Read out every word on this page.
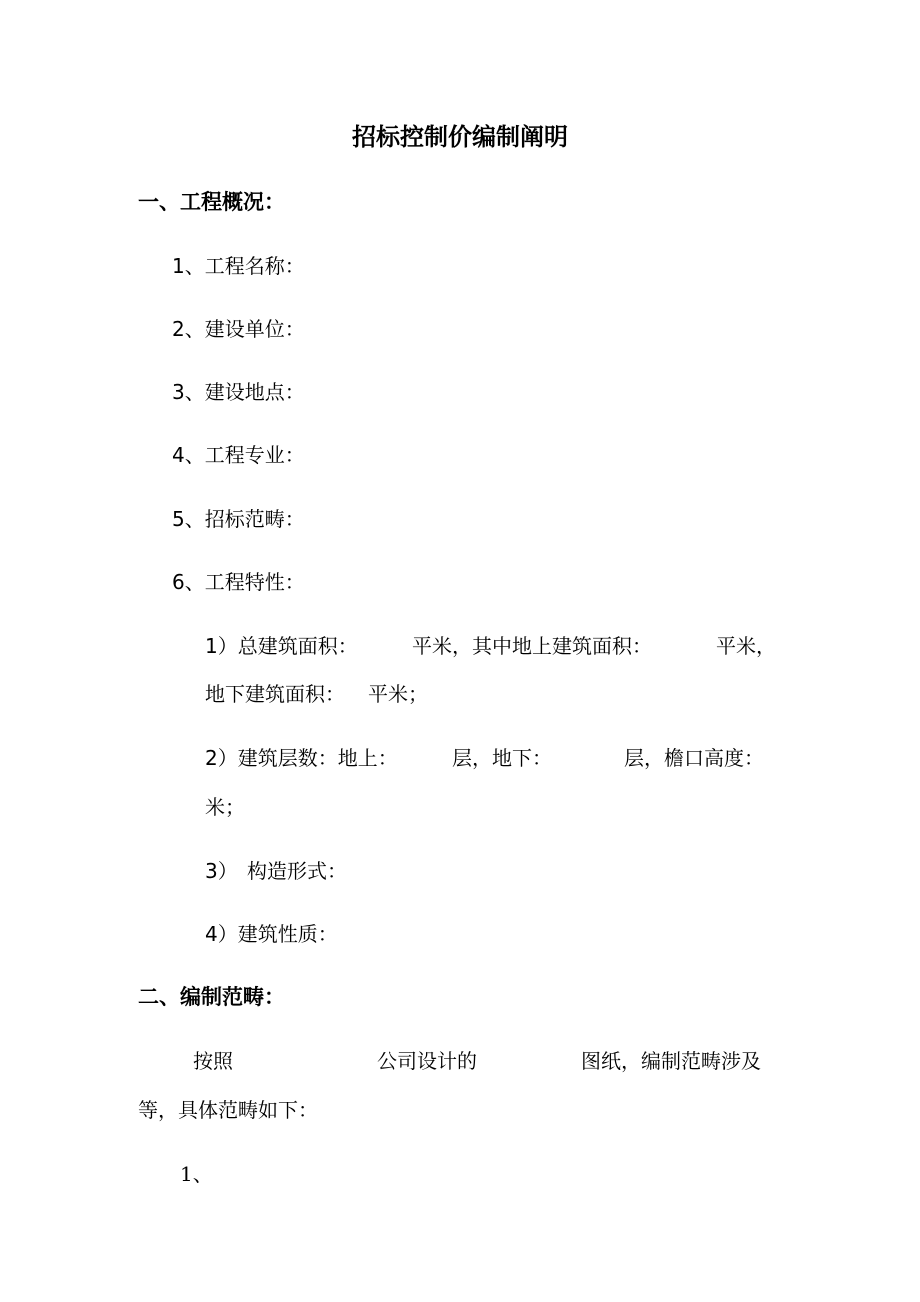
招标控制价编制阐明
一、工程概况：
1、工程名称：
2、建设单位：
3、建设地点：
4、工程专业：
5、招标范畴：
6、工程特性：
1）总建筑面积：	平米，其中地上建筑面积：	平米，
地下建筑面积： 平米；
2）建筑层数：地上：	层，地下：	层，檐口高度：
米；
3） 构造形式：
4）建筑性质：
二、编制范畴：
按照	公司设计的	图纸，编制范畴涉及
等，具体范畴如下：
1、
